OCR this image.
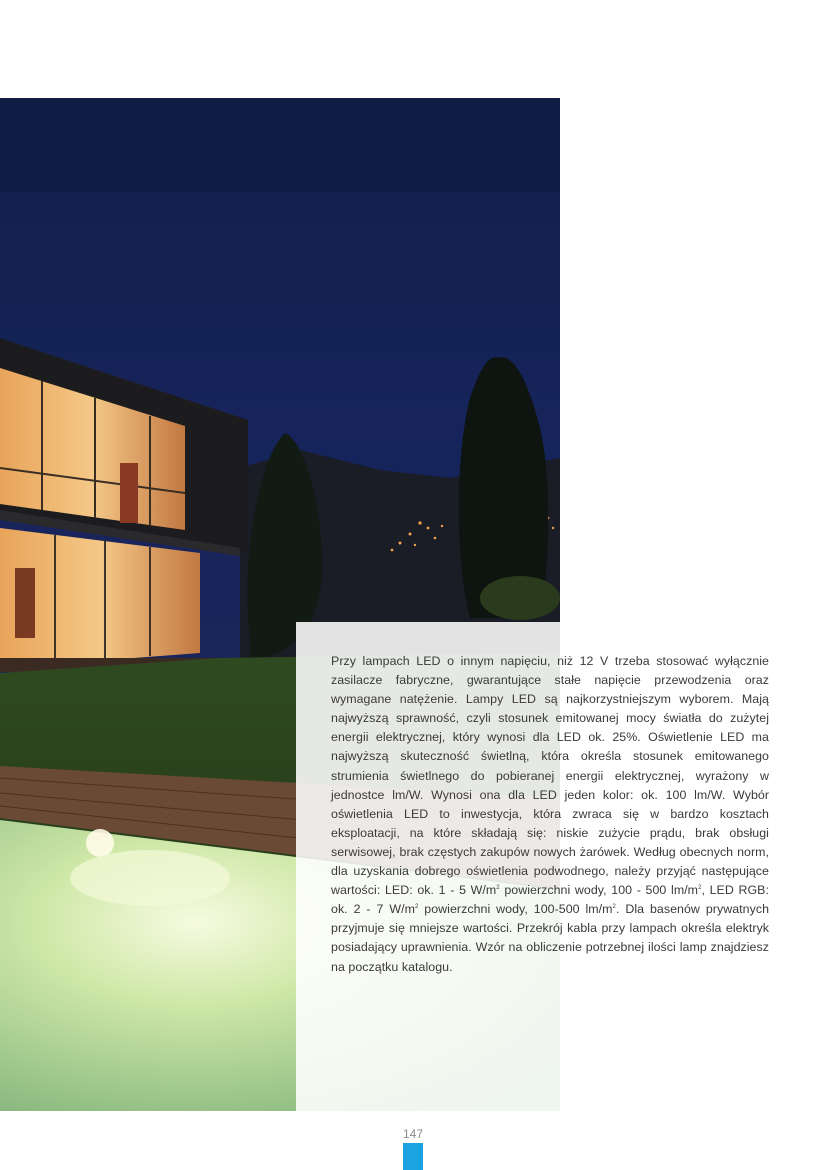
Przy lampach LED o innym napięciu, niż 12 V trzeba stosować wyłącznie zasilacze fabryczne, gwarantujące stałe napięcie przewodzenia oraz wymagane natężenie. Lampy LED są najkorzystniejszym wyborem. Mają najwyższą sprawność, czyli stosunek emitowanej mocy światła do zużytej energii elektrycznej, który wynosi dla LED ok. 25%. Oświetlenie LED ma najwyższą skuteczność świetlną, która określa stosunek emitowanego strumienia świetlnego do pobieranej energii elektrycznej, wyrażony w jednostce lm/W. Wynosi ona dla LED jeden kolor: ok. 100 lm/W. Wybór oświetlenia LED to inwestycja, która zwraca się w bardzo kosztach eksploatacji, na które składają się: niskie zużycie prądu, brak obsługi serwisowej, brak częstych zakupów nowych żarówek. Według obecnych norm, dla uzyskania dobrego oświetlenia podwodnego, należy przyjąć następujące wartości: LED: ok. 1 - 5 $W/m^2$ powierzchni wody, 100 - 500 $lm/m^2$, LED RGB: ok. 2 - 7 $W/m^2$ powierzchni wody, 100-500 $lm/m^2$. Dla basenów prywatnych przyjmuje się mniejsze wartości. Przekrój kabla przy lampach określa elektryk posiadający uprawnienia. Wzór na obliczenie potrzebnej ilości lamp znajdziesz na początku katalogu.
147
